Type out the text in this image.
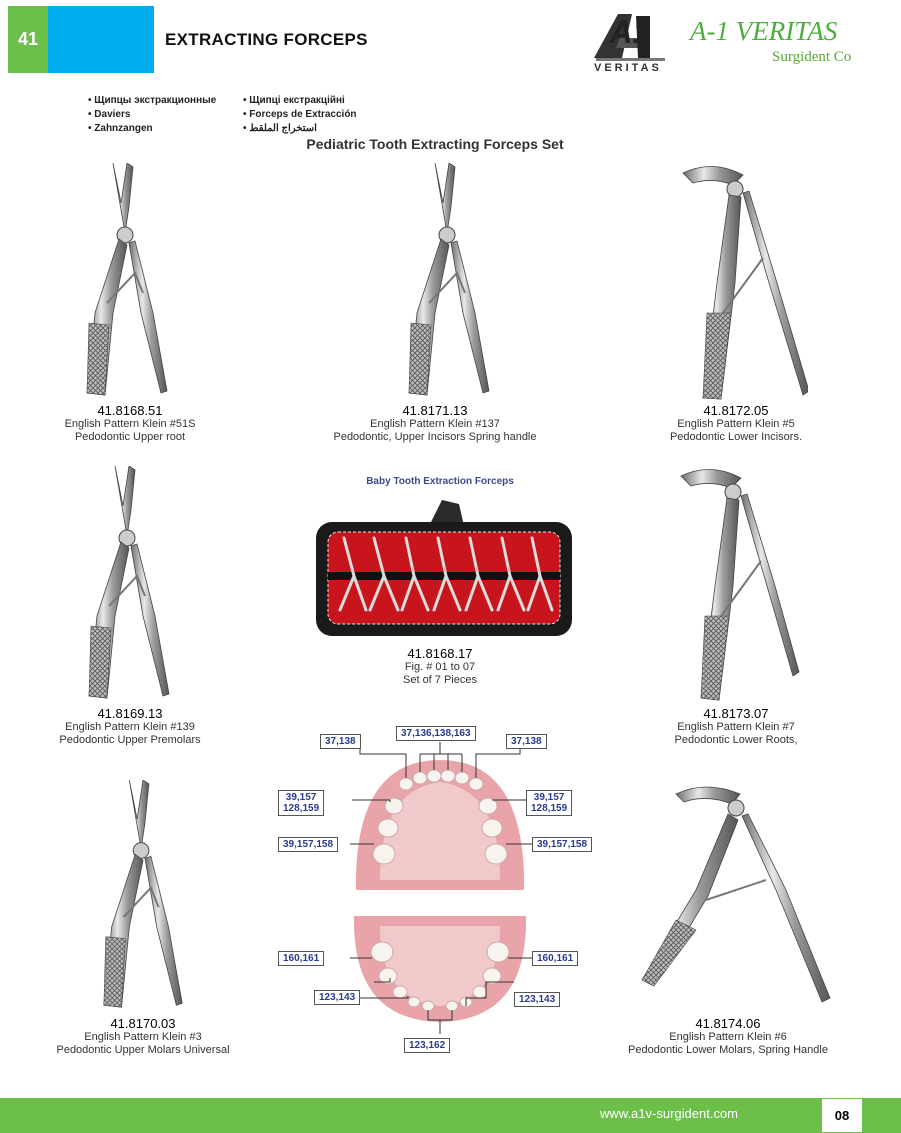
41	EXTRACTING FORCEPS	A1
VERITAS
A-1 VERITAS
Surgident Co
• Щипцы экстракционные
• Daviers
• Zahnzangen
• Щипці екстракційні
• Forceps de Extracción
• استخراج الملقط
Pediatric Tooth Extracting Forceps Set
41.8168.51
English Pattern Klein #51S
Pedodontic Upper root
41.8171.13
English Pattern Klein #137
Pedodontic, Upper Incisors Spring handle
41.8172.05
English Pattern Klein #5
Pedodontic Lower Incisors.
41.8169.13
English Pattern Klein #139
Pedodontic Upper Premolars
41.8173.07
English Pattern Klein #7
Pedodontic Lower Roots,
41.8170.03
English Pattern Klein #3
Pedodontic Upper Molars Universal
41.8174.06
English Pattern Klein #6
Pedodontic Lower Molars, Spring Handle
Baby Tooth Extraction Forceps
41.8168.17
Fig. # 01 to 07
Set of 7 Pieces
37,136,138,163
37,138	37,138
39,157
128,159
39,157
128,159
39,157,158	39,157,158
160,161	160,161
123,143	123,143
123,162
www.a1v-surgident.com	08
